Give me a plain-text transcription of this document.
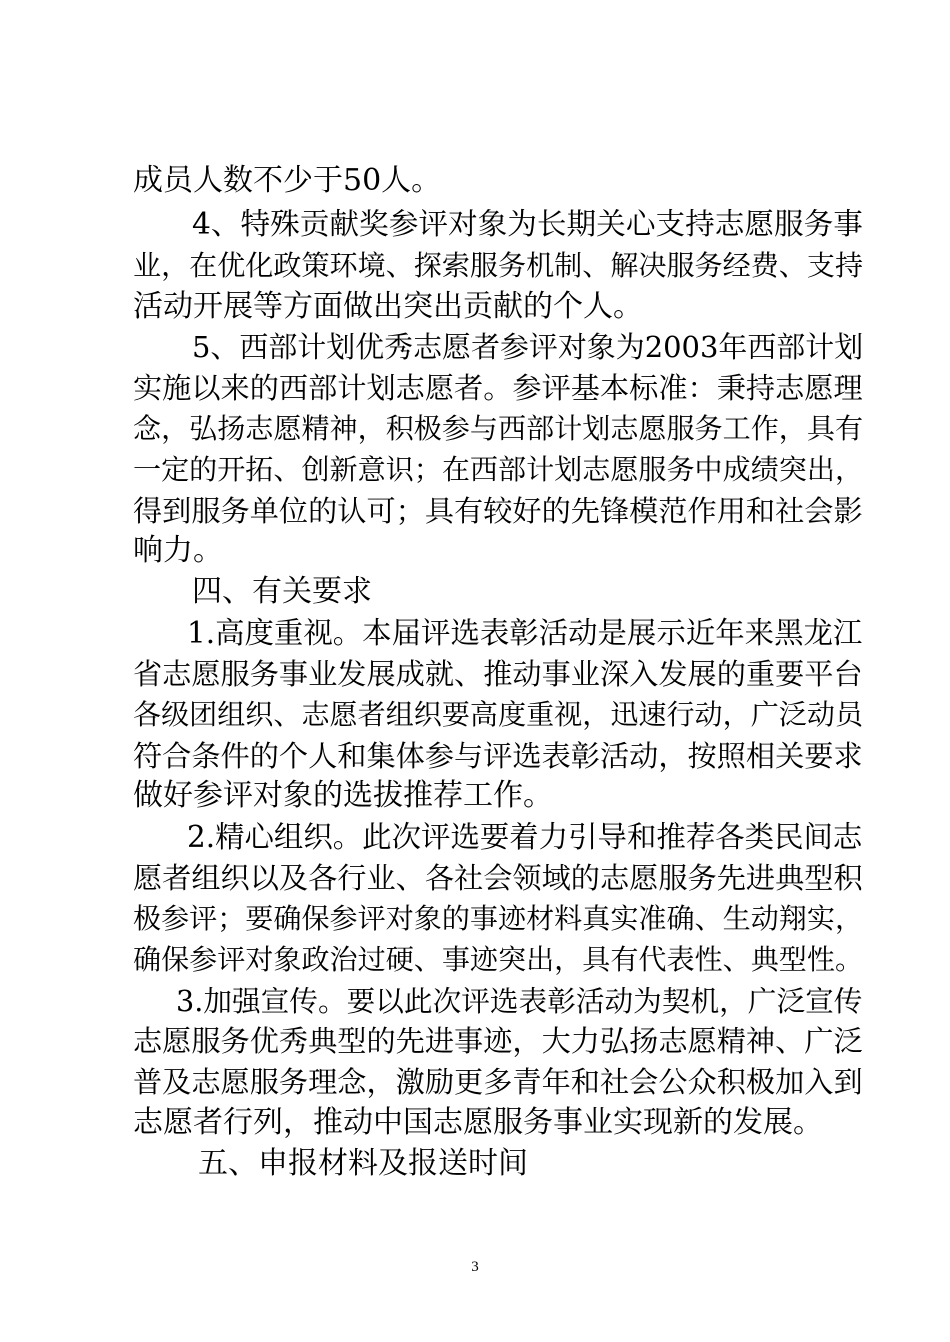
成员人数不少于50人。
4、特殊贡献奖参评对象为长期关心支持志愿服务事
业，在优化政策环境、探索服务机制、解决服务经费、支持
活动开展等方面做出突出贡献的个人。
5、西部计划优秀志愿者参评对象为2003年西部计划
实施以来的西部计划志愿者。参评基本标准：秉持志愿理
念，弘扬志愿精神，积极参与西部计划志愿服务工作，具有
一定的开拓、创新意识；在西部计划志愿服务中成绩突出，
得到服务单位的认可；具有较好的先锋模范作用和社会影
响力。
四、有关要求
1.高度重视。本届评选表彰活动是展示近年来黑龙江
省志愿服务事业发展成就、推动事业深入发展的重要平台
各级团组织、志愿者组织要高度重视，迅速行动，广泛动员
符合条件的个人和集体参与评选表彰活动，按照相关要求
做好参评对象的选拔推荐工作。
2.精心组织。此次评选要着力引导和推荐各类民间志
愿者组织以及各行业、各社会领域的志愿服务先进典型积
极参评；要确保参评对象的事迹材料真实准确、生动翔实，
确保参评对象政治过硬、事迹突出，具有代表性、典型性。
3.加强宣传。要以此次评选表彰活动为契机，广泛宣传
志愿服务优秀典型的先进事迹，大力弘扬志愿精神、广泛
普及志愿服务理念，激励更多青年和社会公众积极加入到
志愿者行列，推动中国志愿服务事业实现新的发展。
五、申报材料及报送时间
3
